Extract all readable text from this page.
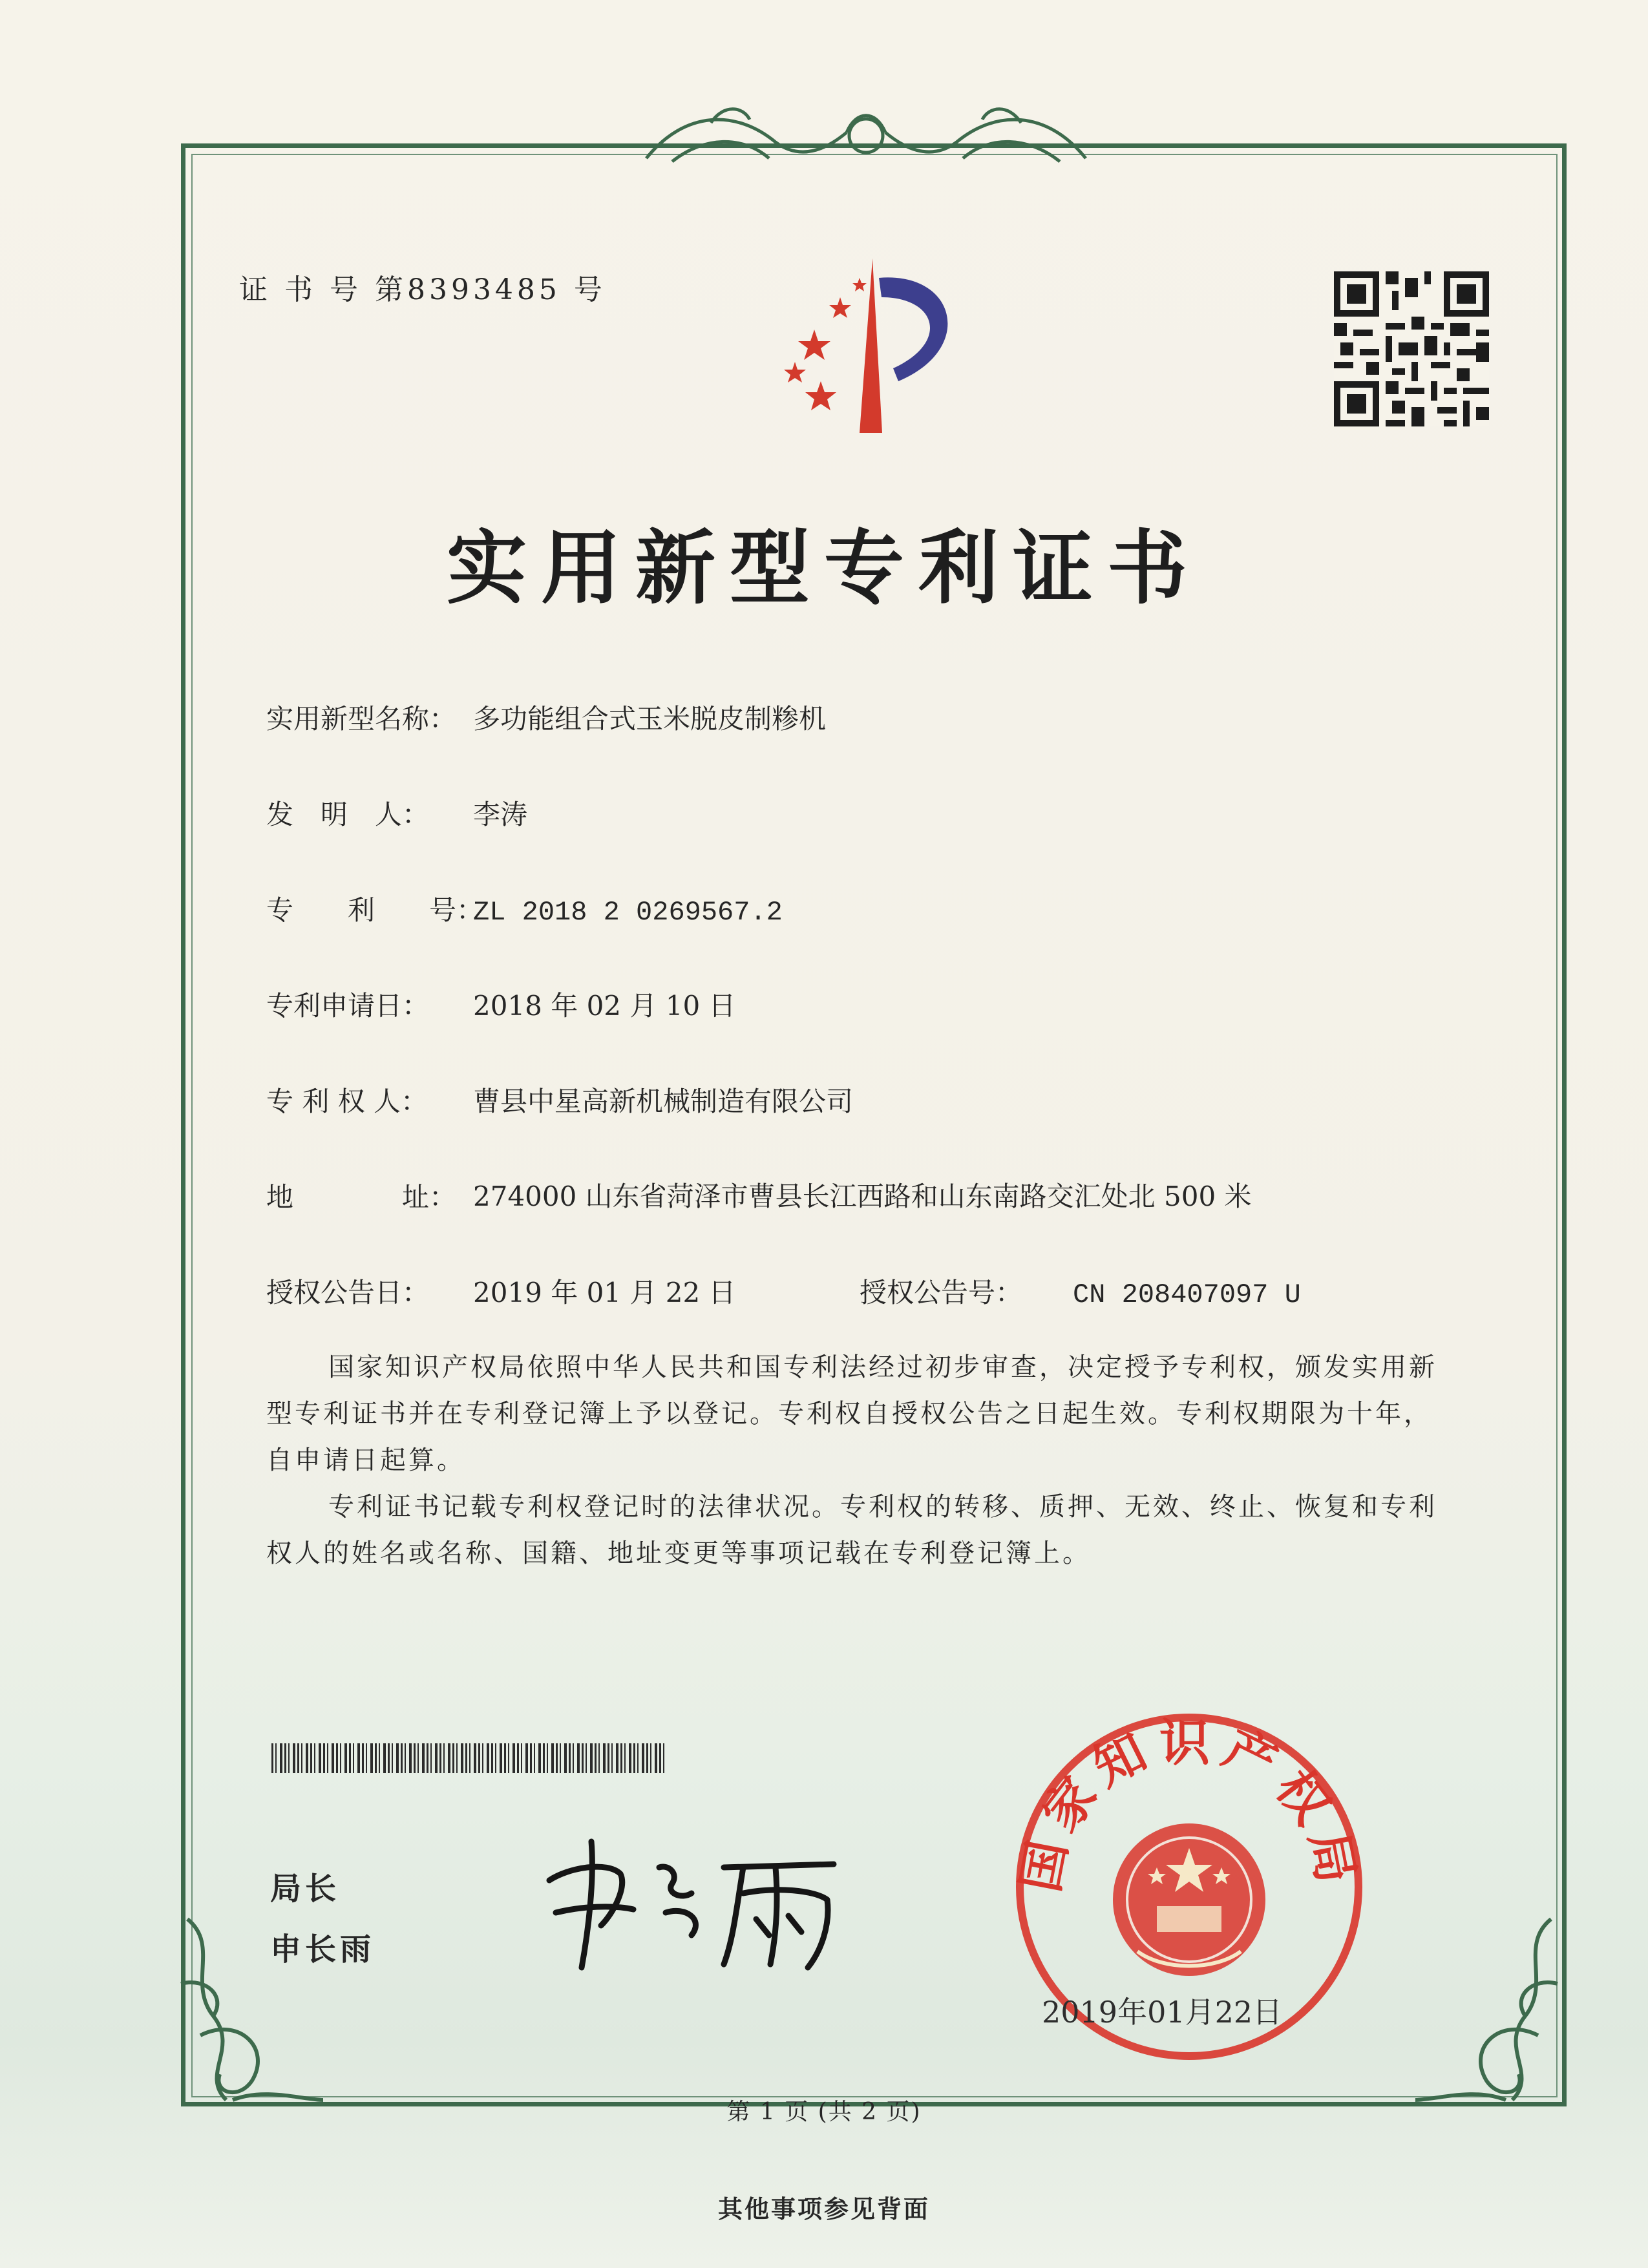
证 书 号 第8393485 号
实用新型专利证书
实用新型名称： 多功能组合式玉米脱皮制糁机
发　明　人： 李涛
专　　利　　号：ZL 2018 2 0269567.2
专利申请日： 2018 年 02 月 10 日
专 利 权 人： 曹县中星高新机械制造有限公司
地　　　　址： 274000 山东省菏泽市曹县长江西路和山东南路交汇处北 500 米
授权公告日： 2019 年 01 月 22 日	授权公告号： CN 208407097 U
国家知识产权局依照中华人民共和国专利法经过初步审查，决定授予专利权，颁发实用新型专利证书并在专利登记簿上予以登记。专利权自授权公告之日起生效。专利权期限为十年，自申请日起算。
专利证书记载专利权登记时的法律状况。专利权的转移、质押、无效、终止、恢复和专利权人的姓名或名称、国籍、地址变更等事项记载在专利登记簿上。
局长
申长雨
国家知识产权局
2019年01月22日
第 1 页 (共 2 页)
其他事项参见背面
